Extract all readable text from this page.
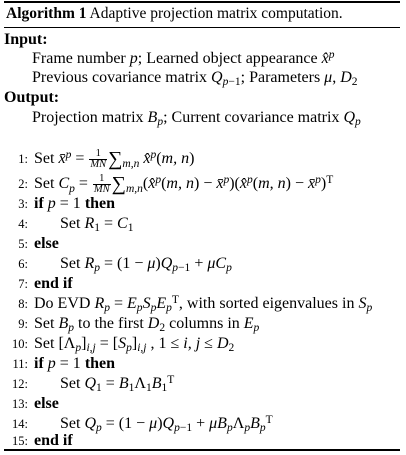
Algorithm 1 Adaptive projection matrix computation.
Input:
Frame number p; Learned object appearance x̂$^p$
Previous covariance matrix $Q_{p-1}$; Parameters μ, $D_2$
Output:
Projection matrix $B_p$; Current covariance matrix $Q_p$
1: Set x̄$^p$ = $\frac{1}{MN} \sum_{m,n}$ x̂$^p$(m, n)
2: Set $C_p = \frac{1}{MN}$ $\sum_{m,n}(x̂^p(m$, n) − x̄$^p$)(x̂$^p$(m, n) − x̄$^p$)$^T$
3: if p = 1 then
4: Set $R_1 = C_1$
5: else
6: Set $R_p = (1 - \mu)Q_{p-1} + \mu C_p$
7: end if
8: Do EVD $R_p = E_pS_pE_p^T$, with sorted eigenvalues in $S_p$
9: Set $B_p$ to the first $D_2$ columns in $E_p$
10: Set $[\Lambda_p]_{i,j} = [S_p]_{i,j}$ , 1 ≤ i, $j \le D_2$
11: if p = 1 then
12: Set $Q_1 = B_1\Lambda_1B_1^T$
13: else
14: Set $Q_p = (1 - \mu)Q_{p-1} + \mu B_p\Lambda_pB_p^T$
15: end if
